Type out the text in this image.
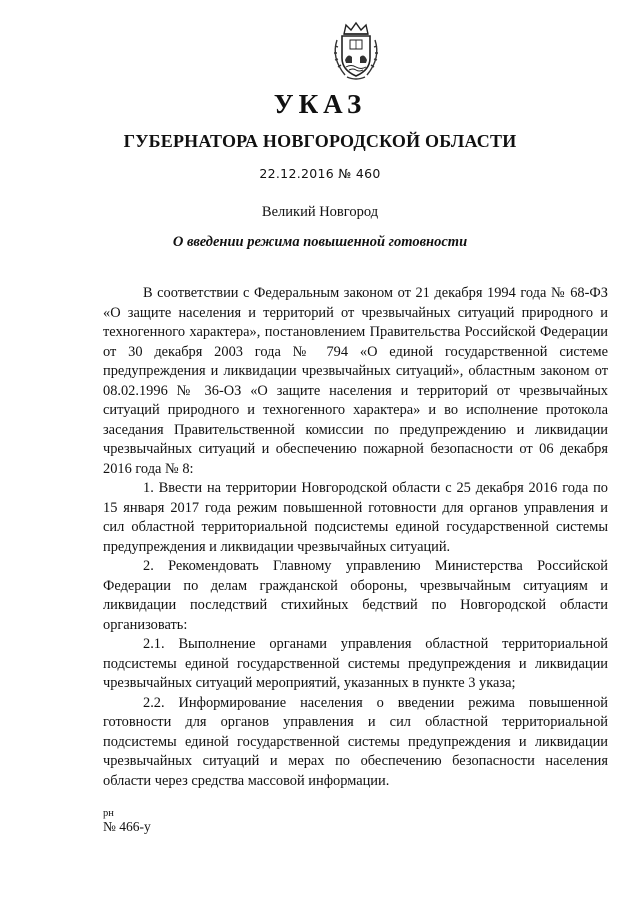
УКАЗ
ГУБЕРНАТОРА НОВГОРОДСКОЙ ОБЛАСТИ
22.12.2016 № 460
Великий Новгород
О введении режима повышенной готовности

В соответствии с Федеральным законом от 21 декабря 1994 года № 68-ФЗ «О защите населения и территорий от чрезвычайных ситуаций природного и техногенного характера», постановлением Правительства Российской Федерации от 30 декабря 2003 года № 794 «О единой государственной системе предупреждения и ликвидации чрезвычайных ситуаций», областным законом от 08.02.1996 № 36-ОЗ «О защите населения и территорий от чрезвычайных ситуаций природного и техногенного характера» и во исполнение протокола заседания Правительственной комиссии по предупреждению и ликвидации чрезвычайных ситуаций и обеспечению пожарной безопасности от 06 декабря 2016 года № 8:

1. Ввести на территории Новгородской области с 25 декабря 2016 года по 15 января 2017 года режим повышенной готовности для органов управления и сил областной территориальной подсистемы единой государственной системы предупреждения и ликвидации чрезвычайных ситуаций.

2. Рекомендовать Главному управлению Министерства Российской Федерации по делам гражданской обороны, чрезвычайным ситуациям и ликвидации последствий стихийных бедствий по Новгородской области организовать:

2.1. Выполнение органами управления областной территориальной подсистемы единой государственной системы предупреждения и ликвидации чрезвычайных ситуаций мероприятий, указанных в пункте 3 указа;

2.2. Информирование населения о введении режима повышенной готовности для органов управления и сил областной территориальной подсистемы единой государственной системы предупреждения и ликвидации чрезвычайных ситуаций и мерах по обеспечению безопасности населения области через средства массовой информации.

рн
№ 466-у
